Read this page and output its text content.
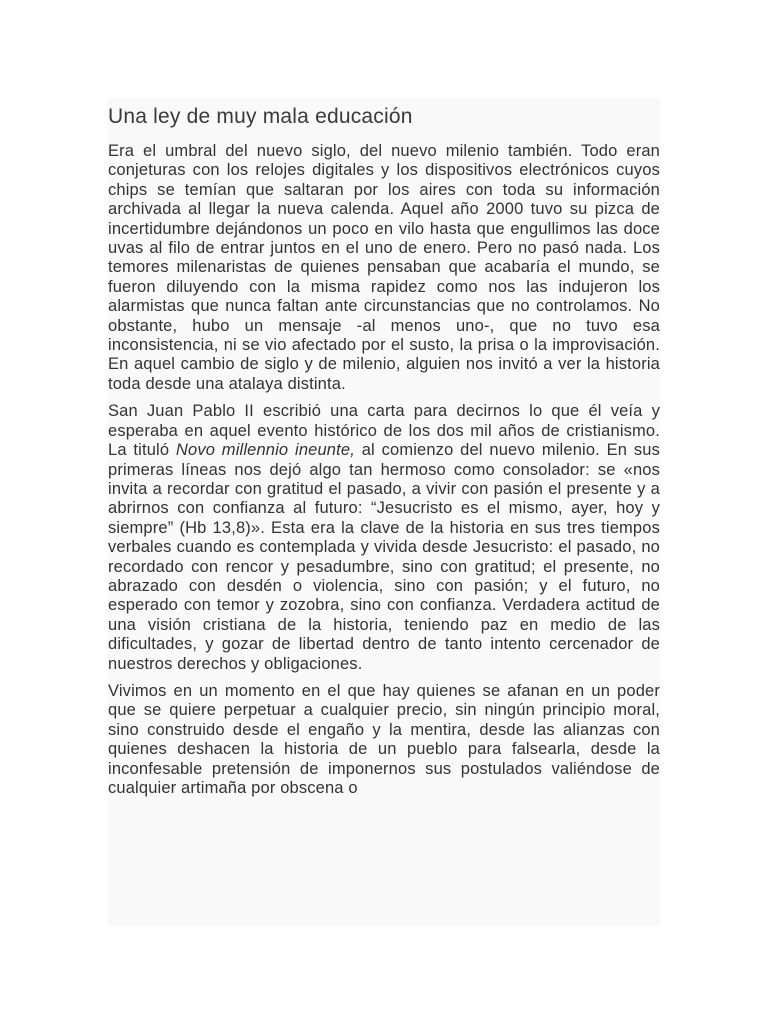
Una ley de muy mala educación

Era el umbral del nuevo siglo, del nuevo milenio también. Todo eran conjeturas con los relojes digitales y los dispositivos electrónicos cuyos chips se temían que saltaran por los aires con toda su información archivada al llegar la nueva calenda. Aquel año 2000 tuvo su pizca de incertidumbre dejándonos un poco en vilo hasta que engullimos las doce uvas al filo de entrar juntos en el uno de enero. Pero no pasó nada. Los temores milenaristas de quienes pensaban que acabaría el mundo, se fueron diluyendo con la misma rapidez como nos las indujeron los alarmistas que nunca faltan ante circunstancias que no controlamos. No obstante, hubo un mensaje -al menos uno-, que no tuvo esa inconsistencia, ni se vio afectado por el susto, la prisa o la improvisación. En aquel cambio de siglo y de milenio, alguien nos invitó a ver la historia toda desde una atalaya distinta.

San Juan Pablo II escribió una carta para decirnos lo que él veía y esperaba en aquel evento histórico de los dos mil años de cristianismo. La tituló Novo millennio ineunte, al comienzo del nuevo milenio. En sus primeras líneas nos dejó algo tan hermoso como consolador: se «nos invita a recordar con gratitud el pasado, a vivir con pasión el presente y a abrirnos con confianza al futuro: “Jesucristo es el mismo, ayer, hoy y siempre” (Hb 13,8)». Esta era la clave de la historia en sus tres tiempos verbales cuando es contemplada y vivida desde Jesucristo: el pasado, no recordado con rencor y pesadumbre, sino con gratitud; el presente, no abrazado con desdén o violencia, sino con pasión; y el futuro, no esperado con temor y zozobra, sino con confianza. Verdadera actitud de una visión cristiana de la historia, teniendo paz en medio de las dificultades, y gozar de libertad dentro de tanto intento cercenador de nuestros derechos y obligaciones.

Vivimos en un momento en el que hay quienes se afanan en un poder que se quiere perpetuar a cualquier precio, sin ningún principio moral, sino construido desde el engaño y la mentira, desde las alianzas con quienes deshacen la historia de un pueblo para falsearla, desde la inconfesable pretensión de imponernos sus postulados valiéndose de cualquier artimaña por obscena o
